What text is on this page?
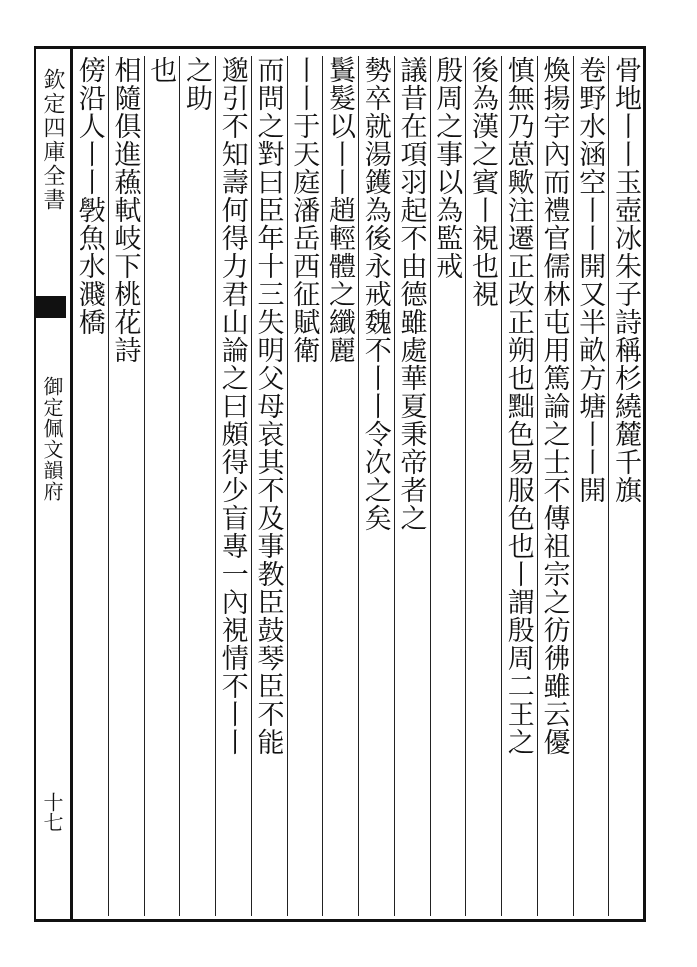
欽定四庫全書
御定佩文韻府
十七
骨地丨丨玉壺冰朱子詩稱杉繞麓千旗
卷野水涵空丨丨開又半畝方塘丨丨開
煥揚宇內而禮官儒林屯用篤論之士不傳祖宗之彷彿雖云優
慎無乃葸歟注遷正改正朔也黜色易服色也丨謂殷周二王之
後為漢之賓丨視也視
殷周之事以為監戒
議昔在項羽起不由德雖處華夏秉帝者之
勢卒就湯鑊為後永戒魏不丨丨令次之矣
鬒髮以丨丨趙輕體之纖麗
丨丨于天庭潘岳西征賦衛
而問之對曰臣年十三失明父母哀其不及事教臣鼓琴臣不能
邈引不知壽何得力君山論之曰頗得少盲專一內視情不丨丨
之助
也
相隨俱進蘓軾岐下桃花詩
傍沿人丨丨斅魚水濺橋
